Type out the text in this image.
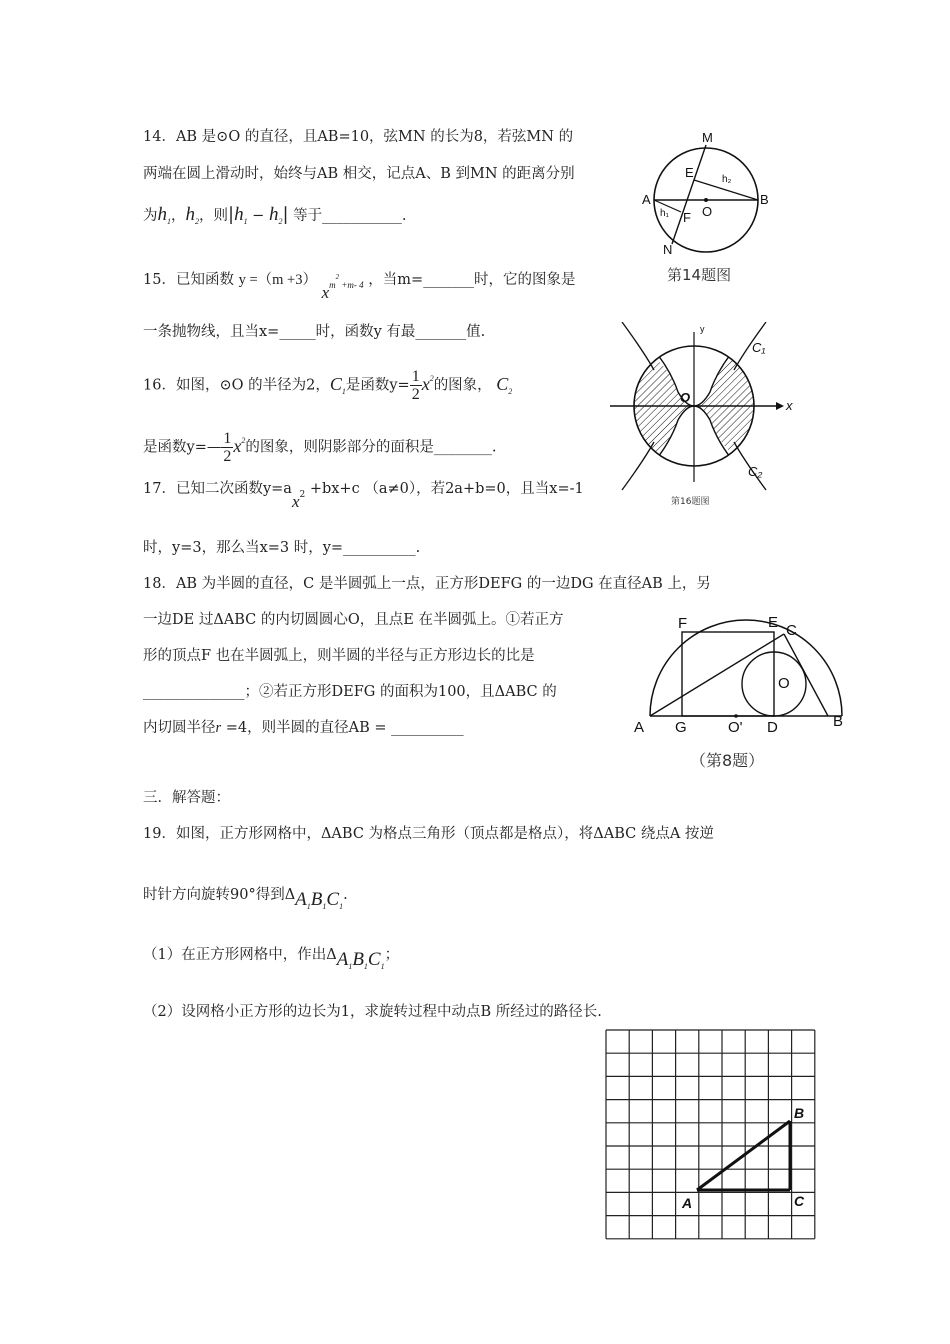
14．AB 是⊙O 的直径，且AB=10，弦MN 的长为8，若弦MN 的
两端在圆上滑动时，始终与AB 相交，记点A、B 到MN 的距离分别
为$h_1$，$h_2$，则$|h_1 - h_2|$ 等于___________.
M
E	h₂
A
h₁ F O
B
N
第14题图
15．已知函数 y =（m +3） $x_{m^2 +m- 4}$ ，当m=_______时，它的图象是
一条抛物线，且当x=_____时，函数y 有最_______值.
16．如图，⊙O 的半径为2，$C_1$是函数$y= \frac{1}{2} x^2$的图象， $C_2$
是函数y=— $\frac{1}{2} x^2$的图象，则阴影部分的面积是________.
y
C₁
O
x
C₂
第16题图
17．已知二次函数$y=ax_2 +bx+c$ （a≠0），若2a+b=0，且当x=-1
时，y=3，那么当x=3 时，y=__________.
18．AB 为半圆的直径，C 是半圆弧上一点，正方形DEFG 的一边DG 在直径AB 上，另
一边DE 过ΔABC 的内切圆圆心O，且点E 在半圆弧上。①若正方
形的顶点F 也在半圆弧上，则半圆的半径与正方形边长的比是
______________；②若正方形DEFG 的面积为100，且ΔABC 的
内切圆半径r =4，则半圆的直径AB = __________
F	E C
O
A G	O' D	B
（第8题）
三．解答题：
19．如图，正方形网格中，ΔABC 为格点三角形（顶点都是格点），将ΔABC 绕点A 按逆
时针方向旋转90°得到$\Delta A_1B_1C_1$.
（1）在正方形网格中，作出$\Delta A_1B_1C_1$；
（2）设网格小正方形的边长为1，求旋转过程中动点B 所经过的路径长.
A
B
C
